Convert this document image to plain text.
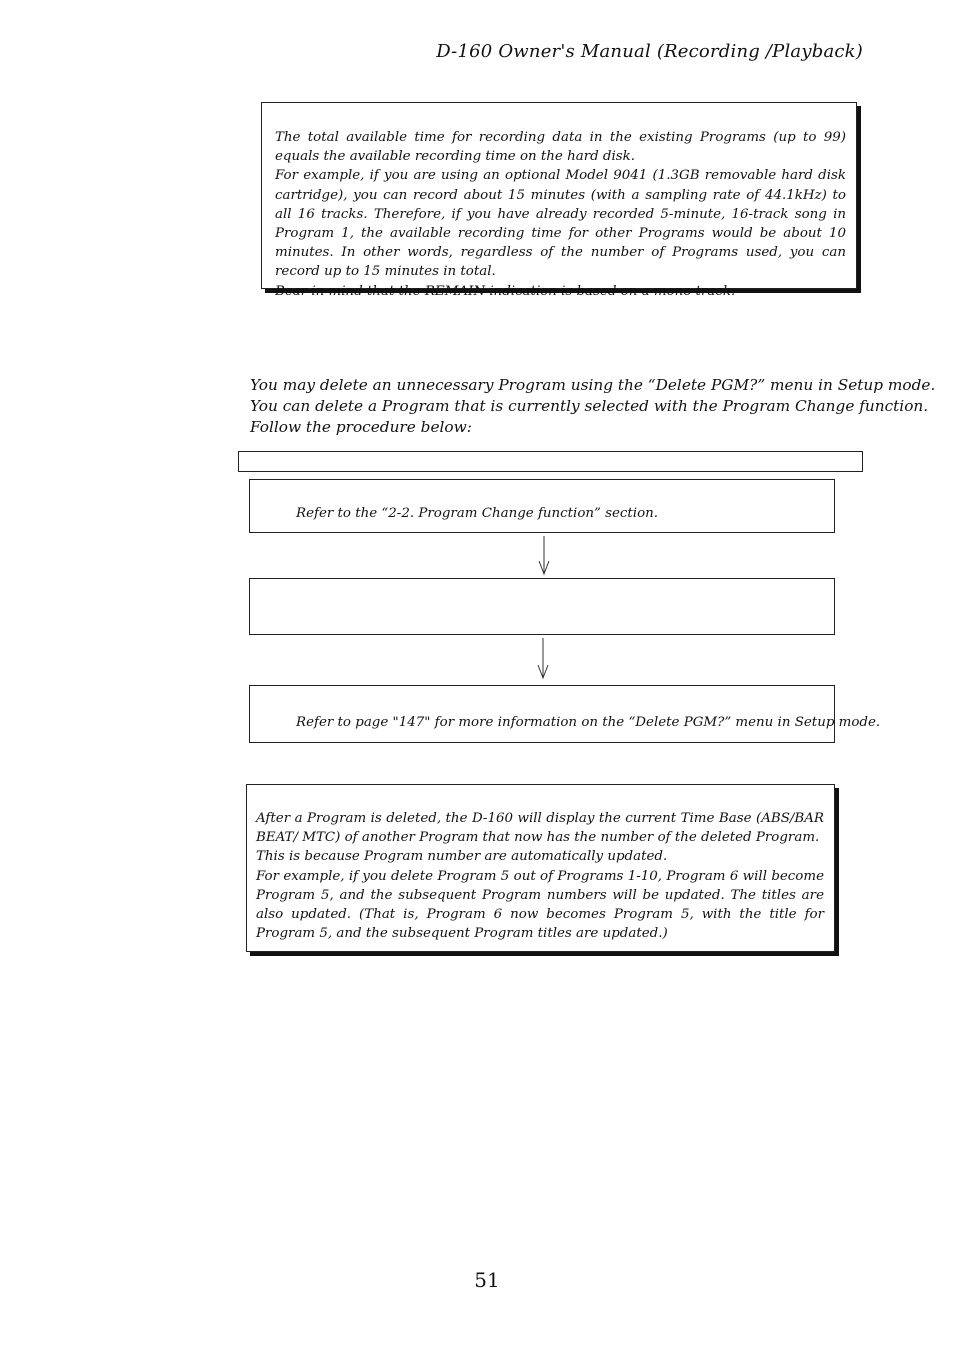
D-160 Owner's Manual (Recording /Playback)

The total available time for recording data in the existing Programs (up to 99) equals the available recording time on the hard disk.

For example, if you are using an optional Model 9041 (1.3GB removable hard disk cartridge), you can record about 15 minutes (with a sampling rate of 44.1kHz) to all 16 tracks. Therefore, if you have already recorded 5-minute, 16-track song in Program 1, the available recording time for other Programs would be about 10 minutes. In other words, regardless of the number of Programs used, you can record up to 15 minutes in total.

Bear in mind that the REMAIN indication is based on a mono track.

You may delete an unnecessary Program using the “Delete PGM?” menu in Setup mode.

You can delete a Program that is currently selected with the Program Change function.

Follow the procedure below:

Refer to the “2-2. Program Change function” section.
Refer to page "147" for more information on the “Delete PGM?” menu in Setup mode.

After a Program is deleted, the D-160 will display the current Time Base (ABS/BAR BEAT/ MTC) of another Program that now has the number of the deleted Program.

This is because Program number are automatically updated.

For example, if you delete Program 5 out of Programs 1-10, Program 6 will become Program 5, and the subsequent Program numbers will be updated. The titles are also updated. (That is, Program 6 now becomes Program 5, with the title for Program 5, and the subsequent Program titles are updated.)

51
